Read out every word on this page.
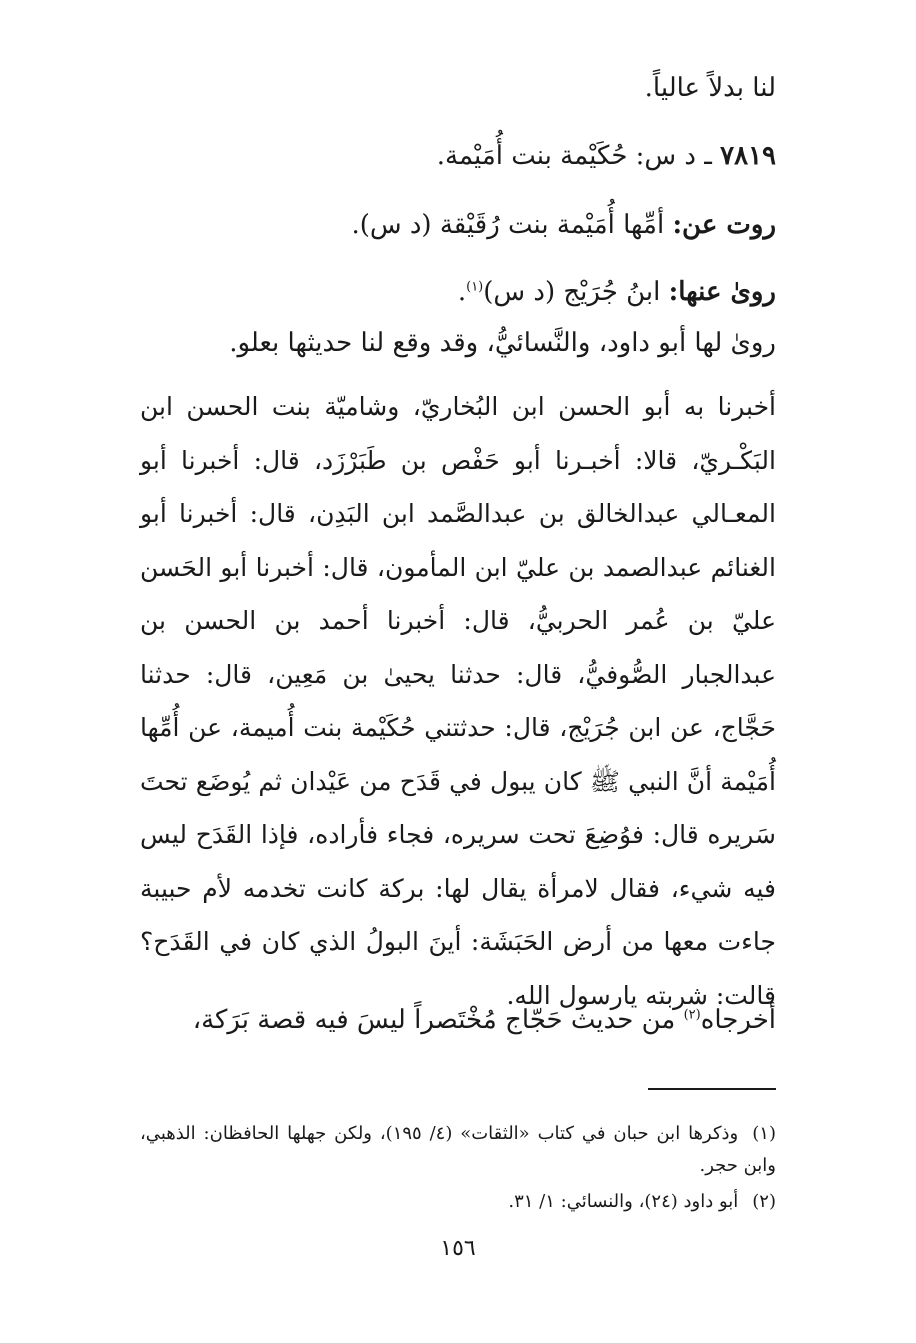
لنا بدلاً عالياً.
٧٨١٩ ـ د س: حُكَيْمة بنت أُمَيْمة.
روت عن: أمِّها أُمَيْمة بنت رُقَيْقة (د س).
روىٰ عنها: ابنُ جُرَيْج (د س)$^{(١)}$.
روىٰ لها أبو داود، والنَّسائيُّ، وقد وقع لنا حديثها بعلو.

أخبرنا به أبو الحسن ابن البُخاريّ، وشاميّة بنت الحسن ابن البَكْـريّ، قالا: أخبـرنا أبو حَفْص بن طَبَرْزَد، قال: أخبرنا أبو المعـالي عبدالخالق بن عبدالصَّمد ابن البَدِن، قال: أخبرنا أبو الغنائم عبدالصمد بن عليّ ابن المأمون، قال: أخبرنا أبو الحَسن عليّ بن عُمر الحربيُّ، قال: أخبرنا أحمد بن الحسن بن عبدالجبار الصُّوفيُّ، قال: حدثنا يحيىٰ بن مَعِين، قال: حدثنا حَجَّاج، عن ابن جُرَيْج، قال: حدثتني حُكَيْمة بنت أُميمة، عن أُمِّها أُمَيْمة أنَّ النبي ﷺ كان يبول في قَدَح من عَيْدان ثم يُوضَع تحتَ سَريره قال: فوُضِعَ تحت سريره، فجاء فأراده، فإذا القَدَح ليس فيه شيء، فقال لامرأة يقال لها: بركة كانت تخدمه لأم حبيبة جاءت معها من أرض الحَبَشَة: أينَ البولُ الذي كان في القَدَح؟ قالت: شربته يارسول الله.

أخرجاه$^{(٢)}$ من حديث حَجّاج مُخْتَصراً ليسَ فيه قصة بَرَكة،

(١)وذكرها ابن حبان في كتاب «الثقات» (٤/ ١٩٥)، ولكن جهلها الحافظان: الذهبي، وابن حجر.

(٢)أبو داود (٢٤)، والنسائي: ١/ ٣١.

١٥٦
